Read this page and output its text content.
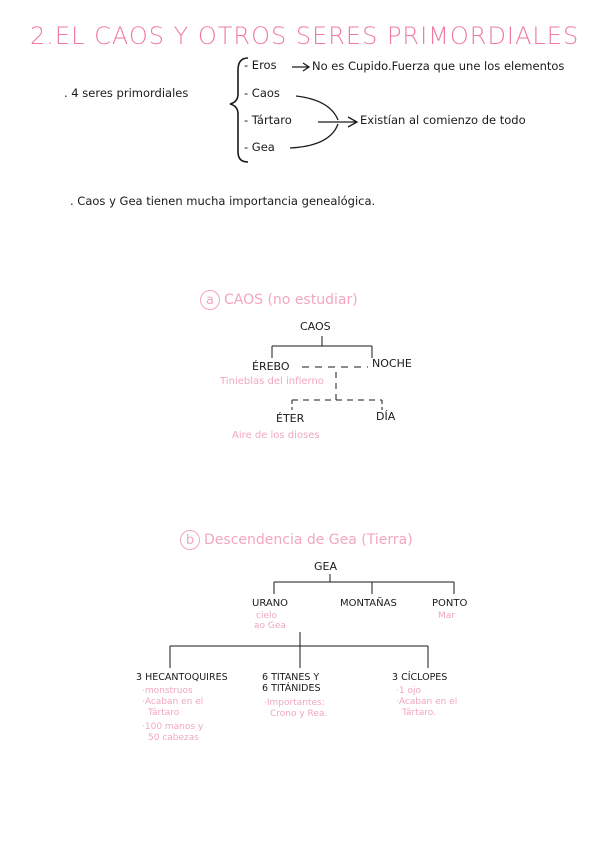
2.EL CAOS Y OTROS SERES PRIMORDIALES
. 4 seres primordiales
- Eros	No es Cupido.Fuerza que une los elementos
- Caos
- Tártaro	Existían al comienzo de todo
- Gea
. Caos y Gea tienen mucha importancia genealógica.
a CAOS (no estudiar)
CAOS
ÉREBO	NOCHE
Tinieblas del infierno
ÉTER	DÍA
Aire de los dioses
b Descendencia de Gea (Tierra)
GEA
URANO
cielo
ao Gea
MONTAÑAS	PONTO
Mar
3 HECANTOQUIRES
·monstruos
·Acaban en el
Tártaro
·100 manos y
50 cabezas
6 TITANES Y
6 TITÁNIDES
·Importantes:
Crono y Rea.
3 CÍCLOPES
·1 ojo
·Acaban en el
Tártaro.
